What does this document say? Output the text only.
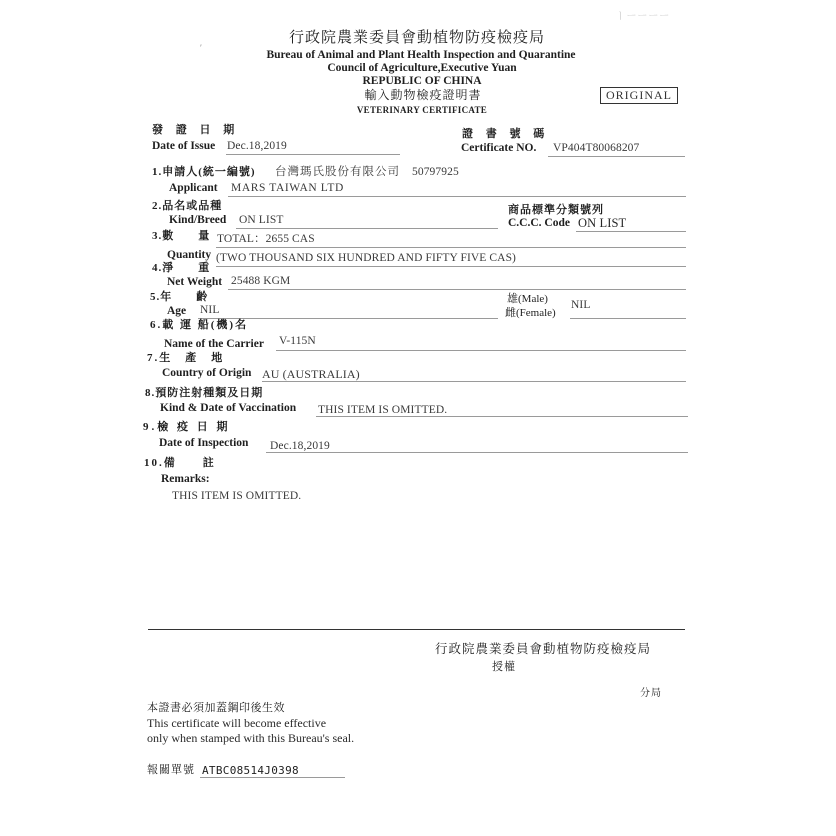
ㅣ ㅡ ㅡ ㅡ ㅡ
′
行政院農業委員會動植物防疫檢疫局
Bureau of Animal and Plant Health Inspection and Quarantine
Council of Agriculture,Executive Yuan
REPUBLIC OF CHINA
輸入動物檢疫證明書
VETERINARY CERTIFICATE
ORIGINAL
發 證 日 期
Date of Issue Dec.18,2019
證 書 號 碼
Certificate NO. VP404T80068207
1.申請人(統一編號) 台灣瑪氏股份有限公司 50797925
Applicant MARS TAIWAN LTD
2.品名或品種
Kind/Breed ON LIST
商品標準分類號列
C.C.C. Code ON LIST
3.數　　量 TOTAL：2655 CAS
Quantity (TWO THOUSAND SIX HUNDRED AND FIFTY FIVE CAS)
4.淨　　重
Net Weight 25488 KGM
5.年　　齡
Age NIL
雄(Male)
雌(Female)
NIL
6.載 運 船(機)名
Name of the Carrier V-115N
7.生　產　地
Country of Origin AU (AUSTRALIA)
8.預防注射種類及日期
Kind & Date of Vaccination THIS ITEM IS OMITTED.
9.檢 疫 日 期
Date of Inspection Dec.18,2019
10.備　　註
Remarks:
THIS ITEM IS OMITTED.
行政院農業委員會動植物防疫檢疫局
授權
分局
本證書必須加蓋鋼印後生效
This certificate will become effective
only when stamped with this Bureau's seal.
報關單號 ATBC08514J0398
